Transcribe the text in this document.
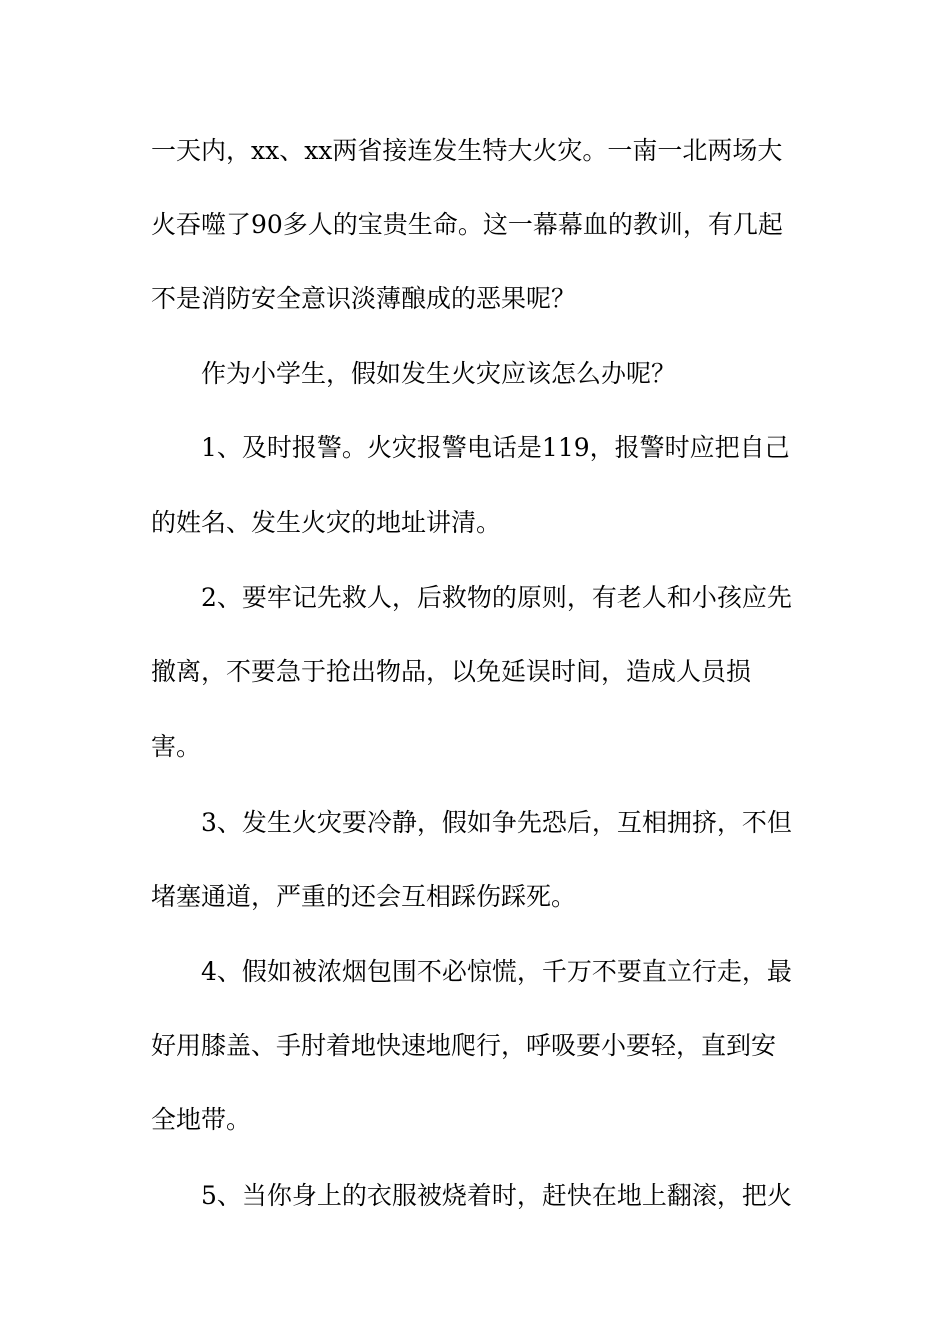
一天内，xx、xx两省接连发生特大火灾。一南一北两场大

火吞噬了90多人的宝贵生命。这一幕幕血的教训，有几起

不是消防安全意识淡薄酿成的恶果呢？

作为小学生，假如发生火灾应该怎么办呢？

1、及时报警。火灾报警电话是119，报警时应把自己

的姓名、发生火灾的地址讲清。

2、要牢记先救人，后救物的原则，有老人和小孩应先

撤离，不要急于抢出物品，以免延误时间，造成人员损

害。

3、发生火灾要冷静，假如争先恐后，互相拥挤，不但

堵塞通道，严重的还会互相踩伤踩死。

4、假如被浓烟包围不必惊慌，千万不要直立行走，最

好用膝盖、手肘着地快速地爬行，呼吸要小要轻，直到安

全地带。

5、当你身上的衣服被烧着时，赶快在地上翻滚，把火
